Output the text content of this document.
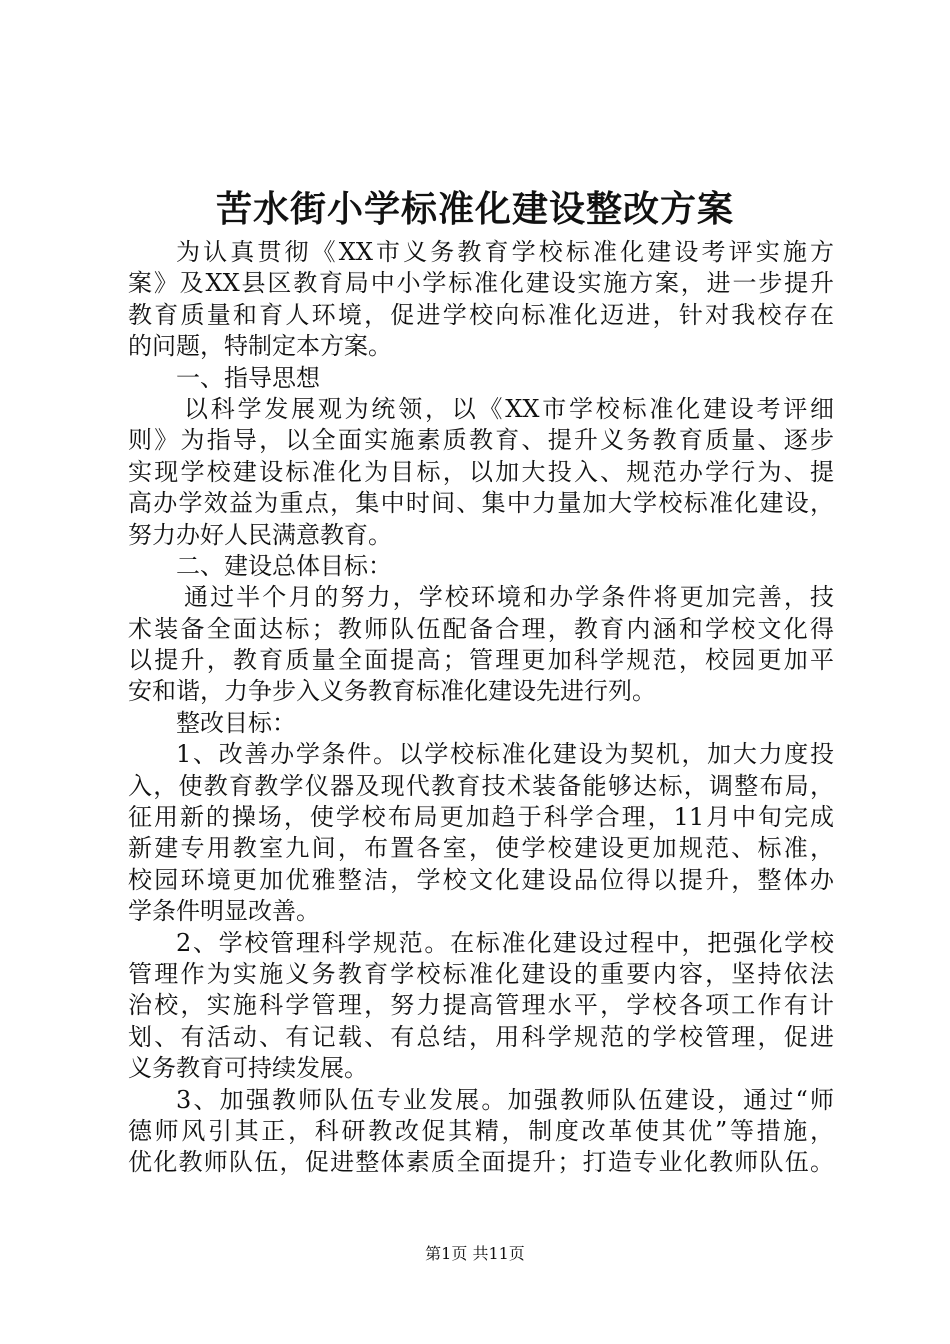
苦水街小学标准化建设整改方案
为认真贯彻《XX市义务教育学校标准化建设考评实施方
案》及XX县区教育局中小学标准化建设实施方案，进一步提升
教育质量和育人环境，促进学校向标准化迈进，针对我校存在
的问题，特制定本方案。
一、指导思想
以科学发展观为统领，以《XX市学校标准化建设考评细
则》为指导，以全面实施素质教育、提升义务教育质量、逐步
实现学校建设标准化为目标，以加大投入、规范办学行为、提
高办学效益为重点，集中时间、集中力量加大学校标准化建设，
努力办好人民满意教育。
二、建设总体目标：
通过半个月的努力，学校环境和办学条件将更加完善，技
术装备全面达标；教师队伍配备合理，教育内涵和学校文化得
以提升，教育质量全面提高；管理更加科学规范，校园更加平
安和谐，力争步入义务教育标准化建设先进行列。
整改目标：
1、改善办学条件。以学校标准化建设为契机，加大力度投
入，使教育教学仪器及现代教育技术装备能够达标，调整布局，
征用新的操场，使学校布局更加趋于科学合理，11月中旬完成
新建专用教室九间，布置各室，使学校建设更加规范、标准，
校园环境更加优雅整洁，学校文化建设品位得以提升，整体办
学条件明显改善。
2、学校管理科学规范。在标准化建设过程中，把强化学校
管理作为实施义务教育学校标准化建设的重要内容，坚持依法
治校，实施科学管理，努力提高管理水平，学校各项工作有计
划、有活动、有记载、有总结，用科学规范的学校管理，促进
义务教育可持续发展。
3、加强教师队伍专业发展。加强教师队伍建设，通过“师
德师风引其正，科研教改促其精，制度改革使其优”等措施，
优化教师队伍，促进整体素质全面提升；打造专业化教师队伍。
第1页 共11页
